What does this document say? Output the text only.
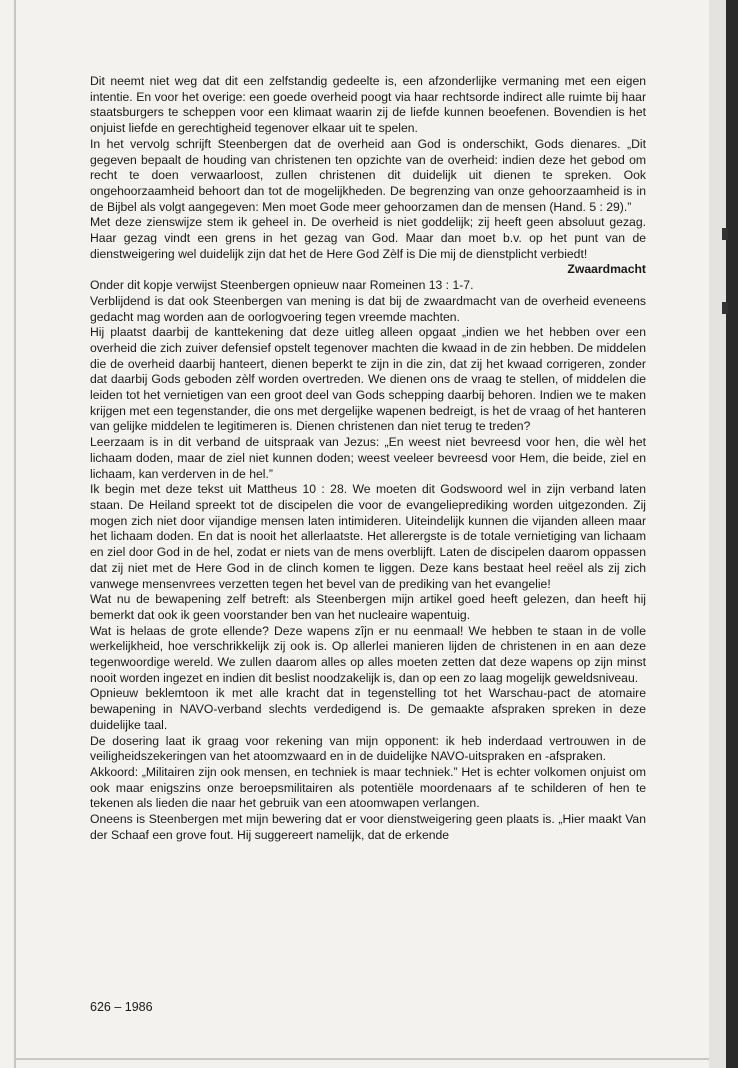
Dit neemt niet weg dat dit een zelfstandig gedeelte is, een afzonderlijke vermaning met een eigen intentie. En voor het overige: een goede overheid poogt via haar rechtsorde indirect alle ruimte bij haar staatsburgers te scheppen voor een klimaat waarin zij de liefde kunnen beoefenen. Bovendien is het onjuist liefde en gerechtigheid tegenover elkaar uit te spelen.

In het vervolg schrijft Steenbergen dat de overheid aan God is onderschikt, Gods dienares. „Dit gegeven bepaalt de houding van christenen ten opzichte van de overheid: indien deze het gebod om recht te doen verwaarloost, zullen christenen dit duidelijk uit dienen te spreken. Ook ongehoorzaamheid behoort dan tot de mogelijkheden. De begrenzing van onze gehoorzaamheid is in de Bijbel als volgt aangegeven: Men moet Gode meer gehoorzamen dan de mensen (Hand. 5 : 29).”

Met deze zienswijze stem ik geheel in. De overheid is niet goddelijk; zij heeft geen absoluut gezag. Haar gezag vindt een grens in het gezag van God. Maar dan moet b.v. op het punt van de dienstweigering wel duidelijk zijn dat het de Here God Zèlf is Die mij de dienstplicht verbiedt!

Zwaardmacht

Onder dit kopje verwijst Steenbergen opnieuw naar Romeinen 13 : 1-7.

Verblijdend is dat ook Steenbergen van mening is dat bij de zwaardmacht van de overheid eveneens gedacht mag worden aan de oorlogvoering tegen vreemde machten.

Hij plaatst daarbij de kanttekening dat deze uitleg alleen opgaat „indien we het hebben over een overheid die zich zuiver defensief opstelt tegenover machten die kwaad in de zin hebben. De middelen die de overheid daarbij hanteert, dienen beperkt te zijn in die zin, dat zij het kwaad corrigeren, zonder dat daarbij Gods geboden zèlf worden overtreden. We dienen ons de vraag te stellen, of middelen die leiden tot het vernietigen van een groot deel van Gods schepping daarbij behoren. Indien we te maken krijgen met een tegenstander, die ons met dergelijke wapenen bedreigt, is het de vraag of het hanteren van gelijke middelen te legitimeren is. Dienen christenen dan niet terug te treden?

Leerzaam is in dit verband de uitspraak van Jezus: „En weest niet bevreesd voor hen, die wèl het lichaam doden, maar de ziel niet kunnen doden; weest veeleer bevreesd voor Hem, die beide, ziel en lichaam, kan verderven in de hel.”

Ik begin met deze tekst uit Mattheus 10 : 28. We moeten dit Godswoord wel in zijn verband laten staan. De Heiland spreekt tot de discipelen die voor de evangelieprediking worden uitgezonden. Zij mogen zich niet door vijandige mensen laten intimideren. Uiteindelijk kunnen die vijanden alleen maar het lichaam doden. En dat is nooit het allerlaatste. Het allerergste is de totale vernietiging van lichaam en ziel door God in de hel, zodat er niets van de mens overblijft. Laten de discipelen daarom oppassen dat zij niet met de Here God in de clinch komen te liggen. Deze kans bestaat heel reëel als zij zich vanwege mensenvrees verzetten tegen het bevel van de prediking van het evangelie!

Wat nu de bewapening zelf betreft: als Steenbergen mijn artikel goed heeft gelezen, dan heeft hij bemerkt dat ook ik geen voorstander ben van het nucleaire wapentuig.

Wat is helaas de grote ellende? Deze wapens zîjn er nu eenmaal! We hebben te staan in de volle werkelijkheid, hoe verschrikkelijk zij ook is. Op allerlei manieren lijden de christenen in en aan deze tegenwoordige wereld. We zullen daarom alles op alles moeten zetten dat deze wapens op zijn minst nooit worden ingezet en indien dit beslist noodzakelijk is, dan op een zo laag mogelijk geweldsniveau.

Opnieuw beklemtoon ik met alle kracht dat in tegenstelling tot het Warschau-pact de atomaire bewapening in NAVO-verband slechts verdedigend is. De gemaakte afspraken spreken in deze duidelijke taal.

De dosering laat ik graag voor rekening van mijn opponent: ik heb inderdaad vertrouwen in de veiligheidszekeringen van het atoomzwaard en in de duidelijke NAVO-uitspraken en -afspraken.

Akkoord: „Militairen zijn ook mensen, en techniek is maar techniek.” Het is echter volkomen onjuist om ook maar enigszins onze beroepsmilitairen als potentiële moordenaars af te schilderen of hen te tekenen als lieden die naar het gebruik van een atoomwapen verlangen.

Oneens is Steenbergen met mijn bewering dat er voor dienstweigering geen plaats is. „Hier maakt Van der Schaaf een grove fout. Hij suggereert namelijk, dat de erkende

626 – 1986
